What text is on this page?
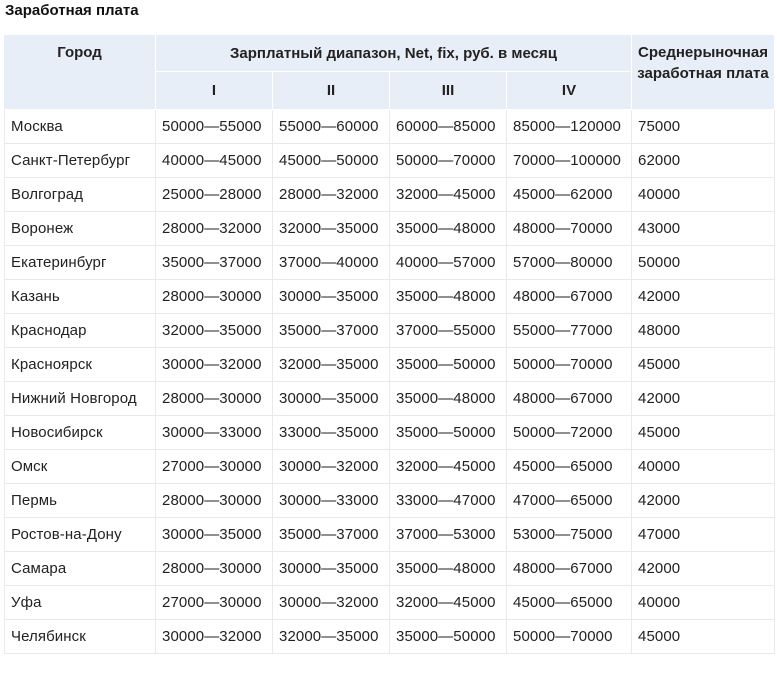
Заработная плата
Город	Зарплатный диапазон, Net, fix, руб. в месяц				Среднерыночная заработная плата
	I	II	III	IV	
Москва	50000—55000	55000—60000	60000—85000	85000—120000	75000
Санкт-Петербург	40000—45000	45000—50000	50000—70000	70000—100000	62000
Волгоград	25000—28000	28000—32000	32000—45000	45000—62000	40000
Воронеж	28000—32000	32000—35000	35000—48000	48000—70000	43000
Екатеринбург	35000—37000	37000—40000	40000—57000	57000—80000	50000
Казань	28000—30000	30000—35000	35000—48000	48000—67000	42000
Краснодар	32000—35000	35000—37000	37000—55000	55000—77000	48000
Красноярск	30000—32000	32000—35000	35000—50000	50000—70000	45000
Нижний Новгород	28000—30000	30000—35000	35000—48000	48000—67000	42000
Новосибирск	30000—33000	33000—35000	35000—50000	50000—72000	45000
Омск	27000—30000	30000—32000	32000—45000	45000—65000	40000
Пермь	28000—30000	30000—33000	33000—47000	47000—65000	42000
Ростов-на-Дону	30000—35000	35000—37000	37000—53000	53000—75000	47000
Самара	28000—30000	30000—35000	35000—48000	48000—67000	42000
Уфа	27000—30000	30000—32000	32000—45000	45000—65000	40000
Челябинск	30000—32000	32000—35000	35000—50000	50000—70000	45000
